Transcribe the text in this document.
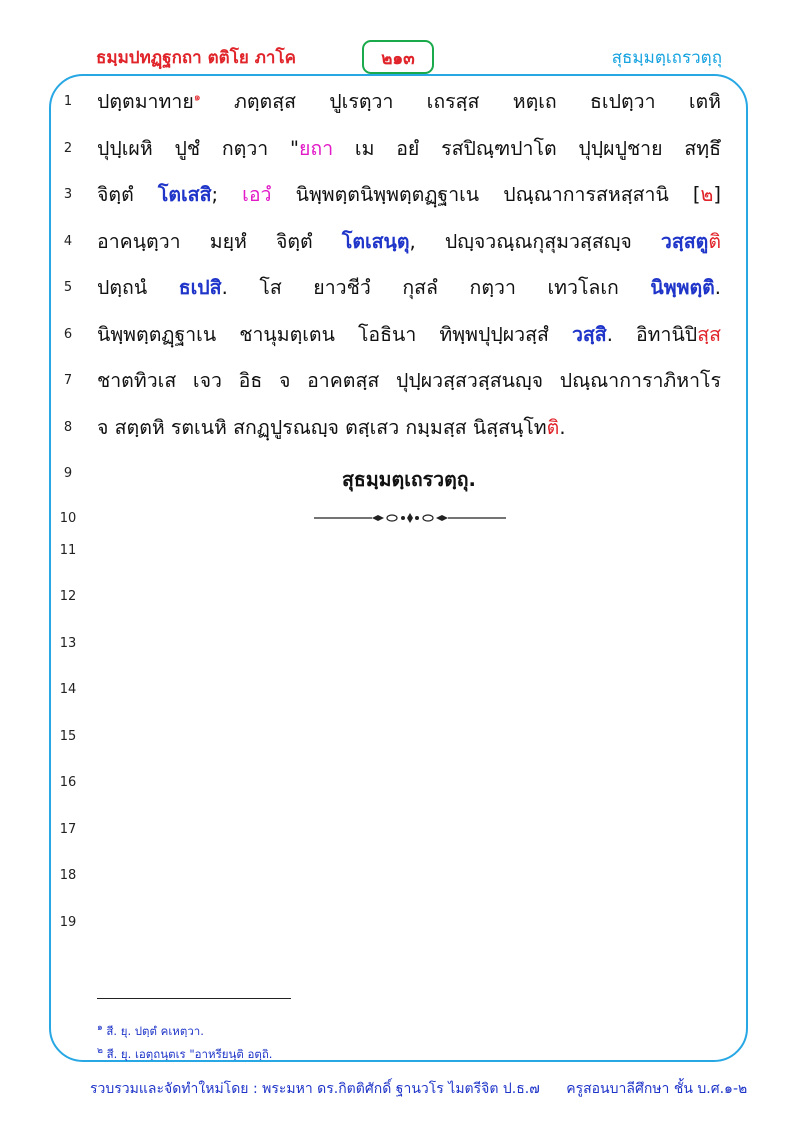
ธมฺมปทฏฺฐกถา ตติโย ภาโค	๒๑๓	สุธมฺมตฺเถรวตฺถุ
1
2
3
4
5
6
7
8
9
10
11
12
13
14
15
16
17
18
19
ปตฺตมาทาย$^๑$ ภตฺตสฺส ปูเรตฺวา เถรสฺส หตฺเถ ธเปตฺวา เตหิ
ปุปฺเผหิ ปูชํ กตฺวา "ยถา เม อยํ รสปิณฺฑปาโต ปุปฺผปูชาย สทฺธึ
จิตฺตํ โตเสสิ; เอวํ นิพฺพตฺตนิพฺพตฺตฏฺฐาเน ปณฺณาการสหสฺสานิ [๒]
อาคนฺตฺวา มยฺหํ จิตฺตํ โตเสนฺตุ, ปญฺจวณฺณกุสุมวสฺสญฺจ วสฺสตูติ
ปตฺถนํ ธเปสิ. โส ยาวชีวํ กุสลํ กตฺวา เทวโลเก นิพฺพตฺติ.
นิพฺพตฺตฏฺฐาเน ชานุมตฺเตน โอธินา ทิพฺพปุปฺผวสฺสํ วสฺสิ. อิทานิปิสฺส
ชาตทิวเส เจว อิธ จ อาคตสฺส ปุปฺผวสฺสวสฺสนญฺจ ปณฺณาการาภิหาโร
จ สตฺตหิ รตเนหิ สกฏฺปูรณญฺจ ตสฺเสว กมฺมสฺส นิสฺสนฺโทติ.
สุธมฺมตฺเถรวตฺถุ.
$^๑$ สี. ยุ. ปตฺตํ คเหตฺวา.
$^๒$ สี. ยุ. เอตฺถนฺตเร "อาหรียนฺติ อตฺถิ.
รวบรวมและจัดทำใหม่โดย : พระมหา ดร.กิตติศักดิ์ ฐานวโร ไมตรีจิต ป.ธ.๗ ครูสอนบาลีศึกษา ชั้น บ.ศ.๑-๒
